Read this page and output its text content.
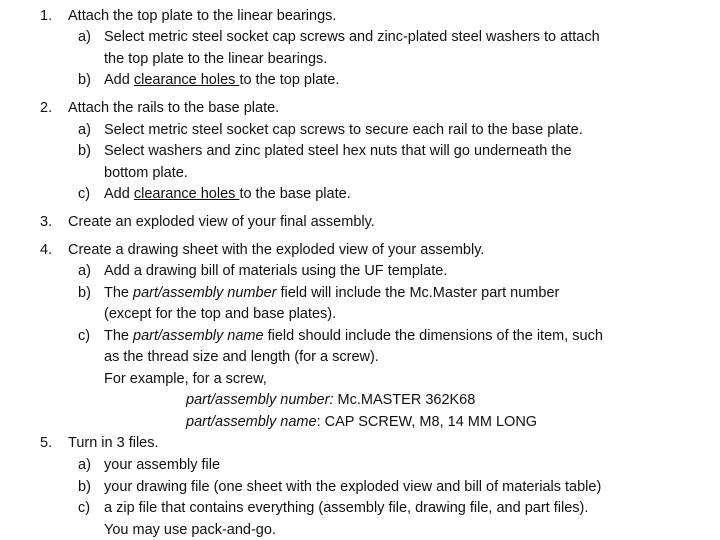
1. Attach the top plate to the linear bearings.
a) Select metric steel socket cap screws and zinc-plated steel washers to attach
the top plate to the linear bearings.
b) Add clearance holes to the top plate.
2. Attach the rails to the base plate.
a) Select metric steel socket cap screws to secure each rail to the base plate.
b) Select washers and zinc plated steel hex nuts that will go underneath the
bottom plate.
c) Add clearance holes to the base plate.
3. Create an exploded view of your final assembly.
4. Create a drawing sheet with the exploded view of your assembly.
a) Add a drawing bill of materials using the UF template.
b) The part/assembly number field will include the Mc.Master part number
(except for the top and base plates).
c) The part/assembly name field should include the dimensions of the item, such
as the thread size and length (for a screw).
For example, for a screw,
part/assembly number: Mc.MASTER 362K68
part/assembly name: CAP SCREW, M8, 14 MM LONG
5. Turn in 3 files.
a) your assembly file
b) your drawing file (one sheet with the exploded view and bill of materials table)
c) a zip file that contains everything (assembly file, drawing file, and part files).
You may use pack-and-go.
